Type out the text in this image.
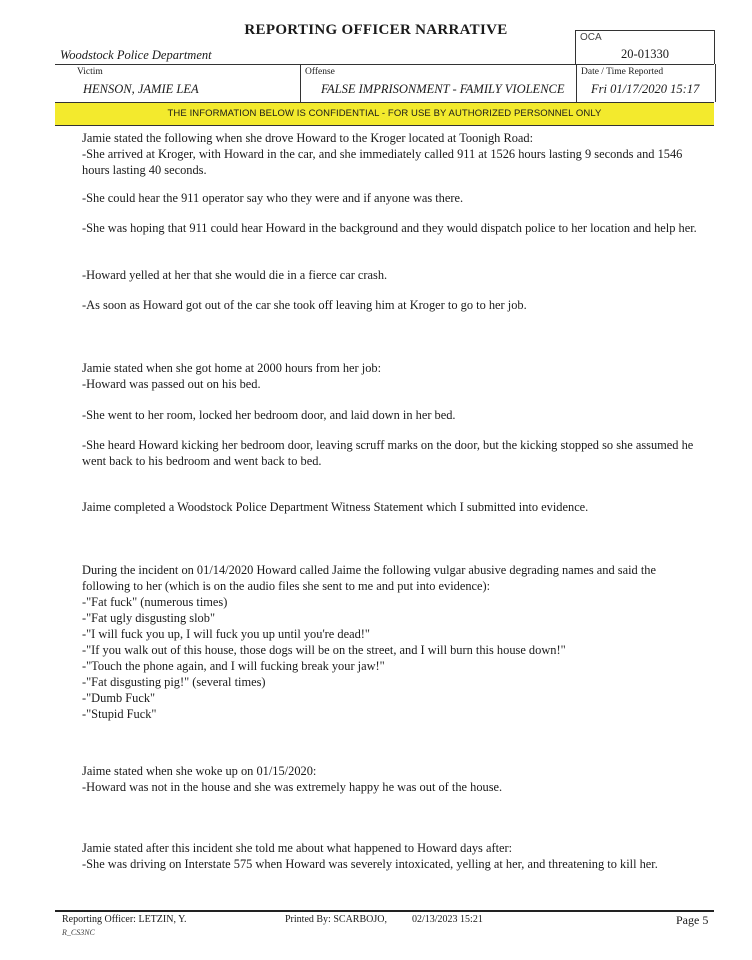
REPORTING OFFICER NARRATIVE
Woodstock Police Department
OCA
20-01330
Victim
HENSON, JAMIE LEA
Offense
FALSE IMPRISONMENT - FAMILY VIOLENCE
Date / Time Reported
Fri 01/17/2020 15:17
THE INFORMATION BELOW IS CONFIDENTIAL - FOR USE BY AUTHORIZED PERSONNEL ONLY

Jamie stated the following when she drove Howard to the Kroger located at Toonigh Road:
-She arrived at Kroger, with Howard in the car, and she immediately called 911 at 1526 hours lasting 9 seconds and 1546 hours lasting 40 seconds.

-She could hear the 911 operator say who they were and if anyone was there.

-She was hoping that 911 could hear Howard in the background and they would dispatch police to her location and help her.

-Howard yelled at her that she would die in a fierce car crash.

-As soon as Howard got out of the car she took off leaving him at Kroger to go to her job.

Jamie stated when she got home at 2000 hours from her job:
-Howard was passed out on his bed.

-She went to her room, locked her bedroom door, and laid down in her bed.

-She heard Howard kicking her bedroom door, leaving scruff marks on the door, but the kicking stopped so she assumed he went back to his bedroom and went back to bed.

Jaime completed a Woodstock Police Department Witness Statement which I submitted into evidence.

During the incident on 01/14/2020 Howard called Jaime the following vulgar abusive degrading names and said the following to her (which is on the audio files she sent to me and put into evidence):
-"Fat fuck" (numerous times)
-"Fat ugly disgusting slob"
-"I will fuck you up, I will fuck you up until you're dead!"
-"If you walk out of this house, those dogs will be on the street, and I will burn this house down!"
-"Touch the phone again, and I will fucking break your jaw!"
-"Fat disgusting pig!" (several times)
-"Dumb Fuck"
-"Stupid Fuck"

Jaime stated when she woke up on 01/15/2020:
-Howard was not in the house and she was extremely happy he was out of the house.

Jamie stated after this incident she told me about what happened to Howard days after:
-She was driving on Interstate 575 when Howard was severely intoxicated, yelling at her, and threatening to kill her.

Reporting Officer: LETZIN, Y.	Printed By: SCARBOJO,	02/13/2023 15:21	Page 5
R_CS3NC
